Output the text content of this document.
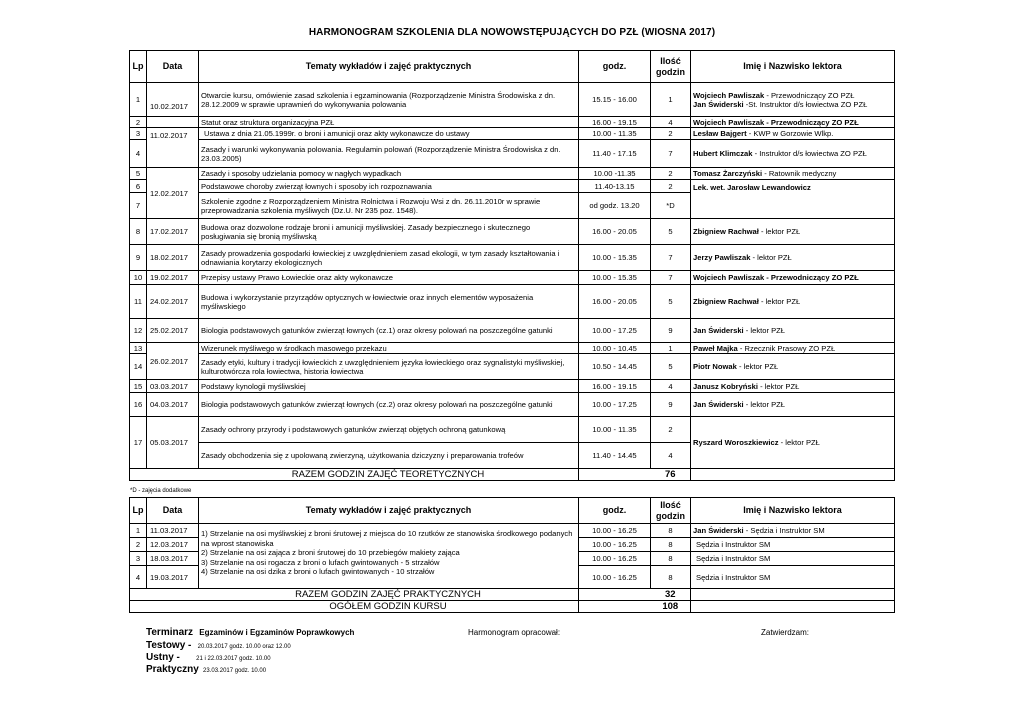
HARMONOGRAM SZKOLENIA DLA NOWOWSTĘPUJĄCYCH DO PZŁ (WIOSNA 2017)
Lp	Data	Tematy wykładów i zajęć praktycznych	godz.	Ilość
godzin	Imię i Nazwisko lektora
1	10.02.2017	Otwarcie kursu, omówienie zasad szkolenia i egzaminowania (Rozporządzenie Ministra Środowiska z dn. 28.12.2009 w sprawie uprawnień do wykonywania polowania	15.15 - 16.00	1	Wojciech Pawliszak - Przewodniczący ZO PZŁ
Jan Świderski -St. Instruktor d/s łowiectwa ZO PZŁ
2		Statut oraz struktura organizacyjna PZŁ	16.00 - 19.15	4	Wojciech Pawliszak - Przewodniczący ZO PZŁ
3	11.02.2017	Ustawa z dnia 21.05.1999r. o broni i amunicji oraz akty wykonawcze do ustawy	10.00 - 11.35	2	Lesław Bajgert - KWP w Gorzowie Wlkp.
4		Zasady i warunki wykonywania polowania. Regulamin polowań (Rozporządzenie Ministra Środowiska z dn. 23.03.2005)	11.40 - 17.15	7	Hubert Klimczak - Instruktor d/s łowiectwa ZO PZŁ
5	12.02.2017	Zasady i sposoby udzielania pomocy w nagłych wypadkach	10.00 -11.35	2	Tomasz Żarczyński - Ratownik medyczny
6		Podstawowe choroby zwierząt łownych i sposoby ich rozpoznawania	11.40-13.15	2	Lek. wet. Jarosław Lewandowicz
7		Szkolenie zgodne z Rozporządzeniem Ministra Rolnictwa i Rozwoju Wsi z dn. 26.11.2010r w sprawie przeprowadzania szkolenia myśliwych (Dz.U. Nr 235 poz. 1548).	od godz. 13.20	*D	
8	17.02.2017	Budowa oraz dozwolone rodzaje broni i amunicji myśliwskiej. Zasady bezpiecznego i skutecznego posługiwania się bronią myśliwską	16.00 - 20.05	5	Zbigniew Rachwał - lektor PZŁ
9	18.02.2017	Zasady prowadzenia gospodarki łowieckiej z uwzględnieniem zasad ekologii, w tym zasady kształtowania i odnawiania korytarzy ekologicznych	10.00 - 15.35	7	Jerzy Pawliszak - lektor PZŁ
10	19.02.2017	Przepisy ustawy Prawo Łowieckie oraz akty wykonawcze	10.00 - 15.35	7	Wojciech Pawliszak - Przewodniczący ZO PZŁ
11	24.02.2017	Budowa i wykorzystanie przyrządów optycznych w łowiectwie oraz innych elementów wyposażenia myśliwskiego	16.00 - 20.05	5	Zbigniew Rachwał - lektor PZŁ
12	25.02.2017	Biologia podstawowych gatunków zwierząt łownych (cz.1) oraz okresy polowań na poszczególne gatunki	10.00 - 17.25	9	Jan Świderski - lektor PZŁ
13	26.02.2017	Wizerunek myśliwego w środkach masowego przekazu	10.00 - 10.45	1	Paweł Majka - Rzecznik Prasowy ZO PZŁ
14		Zasady etyki, kultury i tradycji łowieckich z uwzględnieniem języka łowieckiego oraz sygnalistyki myśliwskiej, kulturotwórcza rola łowiectwa, historia łowiectwa	10.50 - 14.45	5	Piotr Nowak - lektor PZŁ
15	03.03.2017	Podstawy kynologii myśliwskiej	16.00 - 19.15	4	Janusz Kobryński - lektor PZŁ
16	04.03.2017	Biologia podstawowych gatunków zwierząt łownych (cz.2) oraz okresy polowań na poszczególne gatunki	10.00 - 17.25	9	Jan Świderski - lektor PZŁ
17	05.03.2017	Zasady ochrony przyrody i podstawowych gatunków zwierząt objętych ochroną gatunkową	10.00 - 11.35	2	Ryszard Woroszkiewicz - lektor PZŁ
		Zasady obchodzenia się z upolowaną zwierzyną, użytkowania dziczyzny i preparowania trofeów	11.40 - 14.45	4	
RAZEM GODZIN ZAJĘĆ TEORETYCZNYCH				76	
*D - zajęcia dodatkowe
Lp	Data	Tematy wykładów i zajęć praktycznych	godz.	Ilość
godzin	Imię i Nazwisko lektora
1	11.03.2017	1) Strzelanie na osi myśliwskiej z broni śrutowej z miejsca do 10 rzutków ze stanowiska środkowego podanych na wprost stanowiska
2) Strzelanie na osi zająca z broni śrutowej do 10 przebiegów makiety zająca
3) Strzelanie na osi rogacza z broni o lufach gwintowanych - 5 strzałów
4) Strzelanie na osi dzika z broni o lufach gwintowanych - 10 strzałów	10.00 - 16.25	8	Jan Świderski - Sędzia i Instruktor SM
2	12.03.2017		10.00 - 16.25	8	Sędzia i Instruktor SM
3	18.03.2017		10.00 - 16.25	8	Sędzia i Instruktor SM
4	19.03.2017		10.00 - 16.25	8	Sędzia i Instruktor SM
RAZEM GODZIN ZAJĘĆ PRAKTYCZNYCH				32	
OGÓŁEM GODZIN KURSU				108	
Terminarz Egzaminów i Egzaminów Poprawkowych	Harmonogram opracował:	Zatwierdzam:
Testowy - 20.03.2017 godz. 10.00 oraz 12.00
Ustny -	21 i 22.03.2017 godz. 10.00
Praktyczny 23.03.2017 godz. 10.00
